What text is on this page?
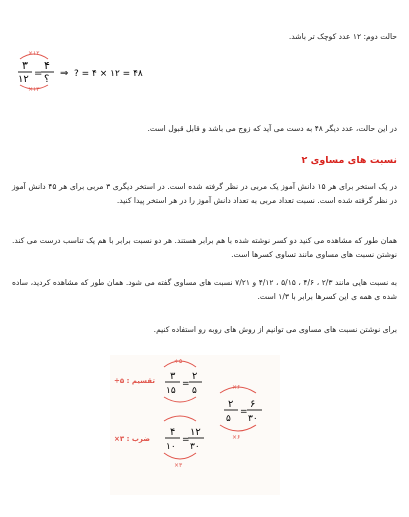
حالت دوم: ۱۲ عدد کوچک تر باشد.
×۱۲
۳
۱۲
=
۴
؟
×۱۲
⇒ ? = ۴ × ۱۲ = ۴۸
در این حالت، عدد دیگر ۴۸ به دست می آید که زوج می باشد و قابل قبول است.
نسبت های مساوی ۲
در یک استخر برای هر ۱۵ دانش آموز یک مربی در نظر گرفته شده است. در استخر دیگری ۳ مربی برای هر ۴۵ دانش آموز در نظر گرفته شده است. نسبت تعداد مربی به تعداد دانش آموز را در هر استخر پیدا کنید.
همان طور که مشاهده می کنید دو کسر نوشته شده با هم برابر هستند. هر دو نسبت برابر با هم یک تناسب درست می کند. نوشتن نسبت های مساوی مانند تساوی کسرها است.
به نسبت هایی مانند ۲/۳ ، ۴/۶ ، ۵/۱۵ ، ۴/۱۲ و ۷/۲۱ نسبت های مساوی گفته می شود. همان طور که مشاهده کردید، ساده شده ی همه ی این کسرها برابر با ۱/۳ است.
برای نوشتن نسبت های مساوی می توانیم از روش های روبه رو استفاده کنیم.
÷۵ : تقسیم
÷۵
۳
۱۵
=
۲
۵
×۳ : ضرب
۴
۱۰
=
۱۲
۳۰
×۳
×۶
۲
۵
=
۶
۳۰
×۶
